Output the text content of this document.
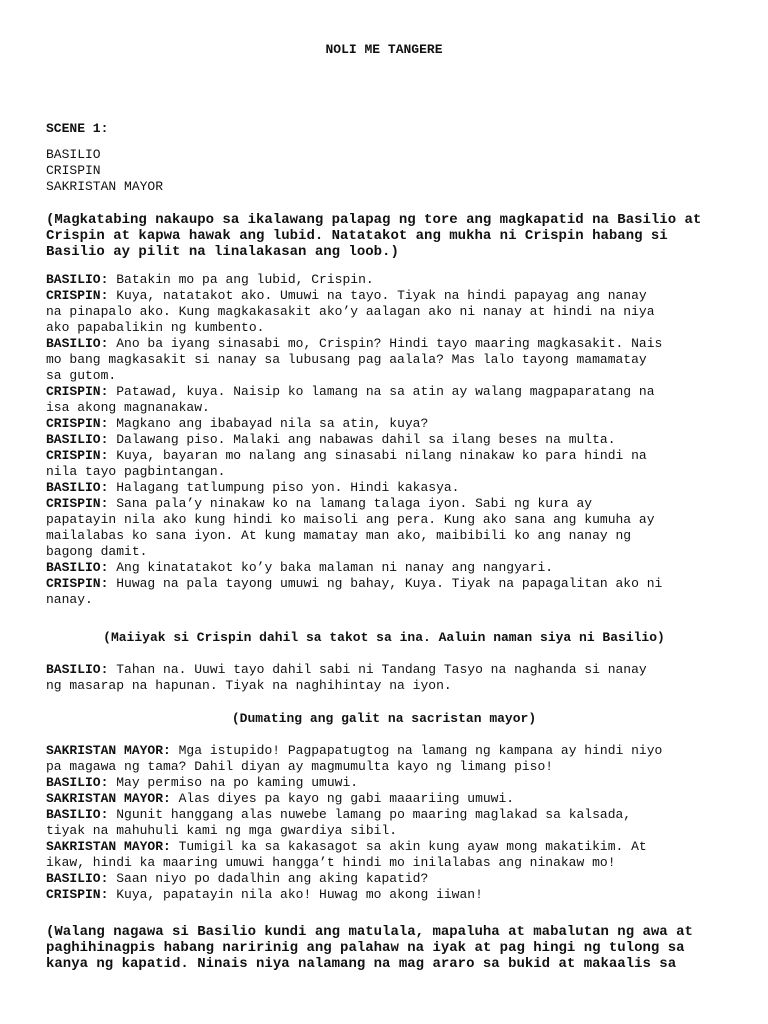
NOLI ME TANGERE
SCENE 1:
BASILIO
CRISPIN
SAKRISTAN MAYOR
(Magkatabing nakaupo sa ikalawang palapag ng tore ang magkapatid na Basilio at
Crispin at kapwa hawak ang lubid. Natatakot ang mukha ni Crispin habang si
Basilio ay pilit na linalakasan ang loob.)
BASILIO: Batakin mo pa ang lubid, Crispin.
CRISPIN: Kuya, natatakot ako. Umuwi na tayo. Tiyak na hindi papayag ang nanay
na pinapalo ako. Kung magkakasakit ako’y aalagan ako ni nanay at hindi na niya
ako papabalikin ng kumbento.
BASILIO: Ano ba iyang sinasabi mo, Crispin? Hindi tayo maaring magkasakit. Nais
mo bang magkasakit si nanay sa lubusang pag aalala? Mas lalo tayong mamamatay
sa gutom.
CRISPIN: Patawad, kuya. Naisip ko lamang na sa atin ay walang magpaparatang na
isa akong magnanakaw.
CRISPIN: Magkano ang ibabayad nila sa atin, kuya?
BASILIO: Dalawang piso. Malaki ang nabawas dahil sa ilang beses na multa.
CRISPIN: Kuya, bayaran mo nalang ang sinasabi nilang ninakaw ko para hindi na
nila tayo pagbintangan.
BASILIO: Halagang tatlumpung piso yon. Hindi kakasya.
CRISPIN: Sana pala’y ninakaw ko na lamang talaga iyon. Sabi ng kura ay
papatayin nila ako kung hindi ko maisoli ang pera. Kung ako sana ang kumuha ay
mailalabas ko sana iyon. At kung mamatay man ako, maibibili ko ang nanay ng
bagong damit.
BASILIO: Ang kinatatakot ko’y baka malaman ni nanay ang nangyari.
CRISPIN: Huwag na pala tayong umuwi ng bahay, Kuya. Tiyak na papagalitan ako ni
nanay.
(Maiiyak si Crispin dahil sa takot sa ina. Aaluin naman siya ni Basilio)
BASILIO: Tahan na. Uuwi tayo dahil sabi ni Tandang Tasyo na naghanda si nanay
ng masarap na hapunan. Tiyak na naghihintay na iyon.
(Dumating ang galit na sacristan mayor)
SAKRISTAN MAYOR: Mga istupido! Pagpapatugtog na lamang ng kampana ay hindi niyo
pa magawa ng tama? Dahil diyan ay magmumulta kayo ng limang piso!
BASILIO: May permiso na po kaming umuwi.
SAKRISTAN MAYOR: Alas diyes pa kayo ng gabi maaariing umuwi.
BASILIO: Ngunit hanggang alas nuwebe lamang po maaring maglakad sa kalsada,
tiyak na mahuhuli kami ng mga gwardiya sibil.
SAKRISTAN MAYOR: Tumigil ka sa kakasagot sa akin kung ayaw mong makatikim. At
ikaw, hindi ka maaring umuwi hangga’t hindi mo inilalabas ang ninakaw mo!
BASILIO: Saan niyo po dadalhin ang aking kapatid?
CRISPIN: Kuya, papatayin nila ako! Huwag mo akong iiwan!
(Walang nagawa si Basilio kundi ang matulala, mapaluha at mabalutan ng awa at
paghihinagpis habang naririnig ang palahaw na iyak at pag hingi ng tulong sa
kanya ng kapatid. Ninais niya nalamang na mag araro sa bukid at makaalis sa
